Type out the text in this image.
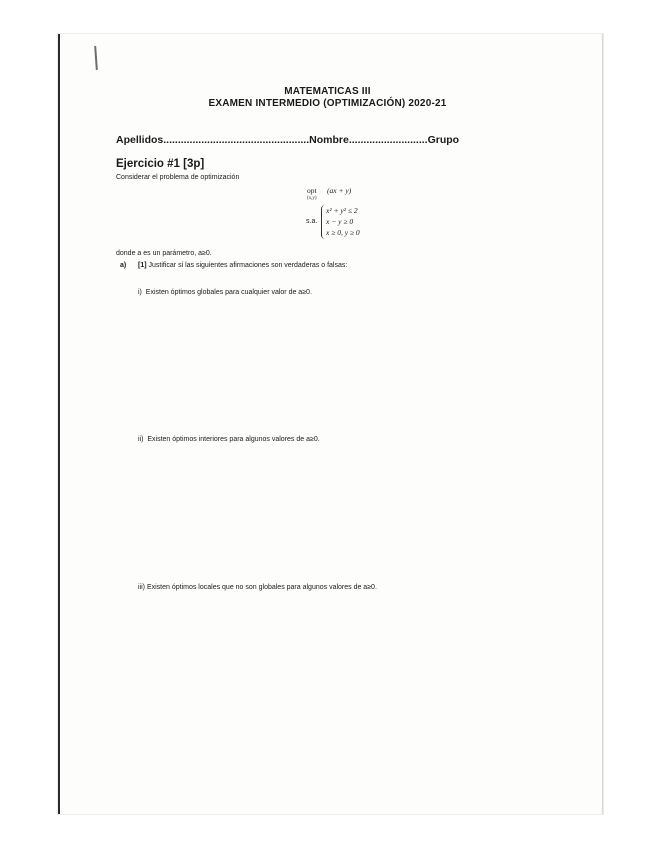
MATEMATICAS III
EXAMEN INTERMEDIO (OPTIMIZACIÓN) 2020-21
Apellidos..................................................Nombre...........................Grupo
Ejercicio #1 [3p]
Considerar el problema de optimización
opt
(x,y)
(ax + y)
s.a.
x² + y² ≤ 2
x − y ≥ 0
x ≥ 0, y ≥ 0
donde a es un parámetro, a≥0.
a) [1] Justificar si las siguientes afirmaciones son verdaderas o falsas:
i) Existen óptimos globales para cualquier valor de a≥0.
ii) Existen óptimos interiores para algunos valores de a≥0.
iii) Existen óptimos locales que no son globales para algunos valores de a≥0.
